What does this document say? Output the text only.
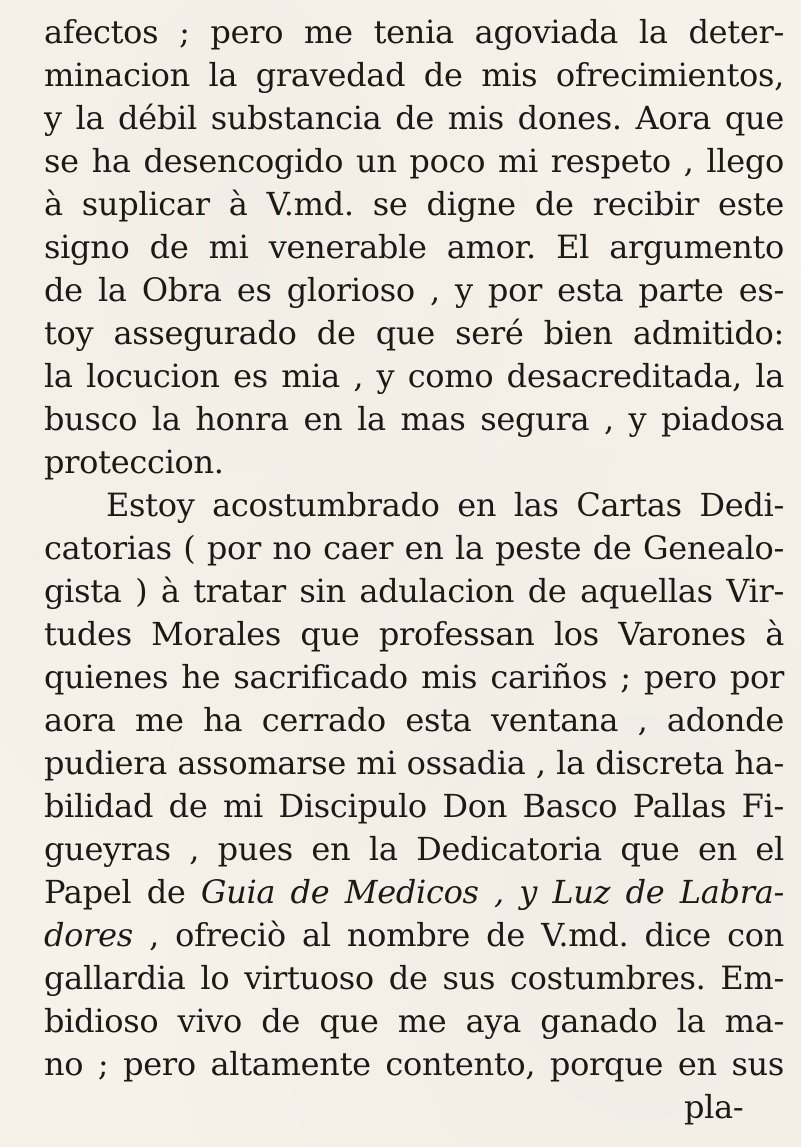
afectos ; pero me tenia agoviada la deter-
minacion la gravedad de mis ofrecimientos,
y la débil substancia de mis dones. Aora que
se ha desencogido un poco mi respeto , llego
à suplicar à V.md. se digne de recibir este
signo de mi venerable amor. El argumento
de la Obra es glorioso , y por esta parte es-
toy assegurado de que seré bien admitido:
la locucion es mia , y como desacreditada, la
busco la honra en la mas segura , y piadosa
proteccion.
Estoy acostumbrado en las Cartas Dedi-
catorias ( por no caer en la peste de Genealo-
gista ) à tratar sin adulacion de aquellas Vir-
tudes Morales que professan los Varones à
quienes he sacrificado mis cariños ; pero por
aora me ha cerrado esta ventana , adonde
pudiera assomarse mi ossadia , la discreta ha-
bilidad de mi Discipulo Don Basco Pallas Fi-
gueyras , pues en la Dedicatoria que en el
Papel de Guia de Medicos , y Luz de Labra-
dores , ofreciò al nombre de V.md. dice con
gallardia lo virtuoso de sus costumbres. Em-
bidioso vivo de que me aya ganado la ma-
no ; pero altamente contento, porque en sus
pla-
